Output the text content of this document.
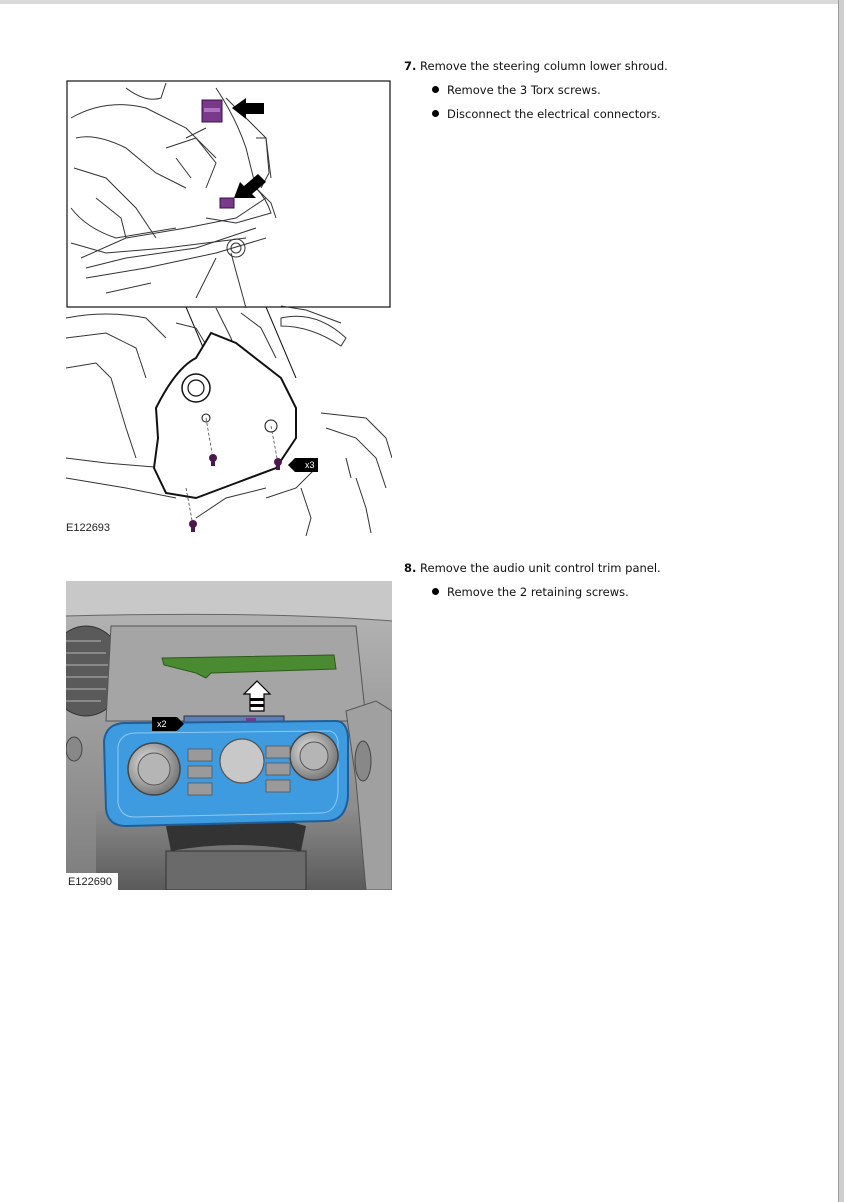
7. Remove the steering column lower shroud.
Remove the 3 Torx screws.
Disconnect the electrical connectors.
x3
E122693
8. Remove the audio unit control trim panel.
Remove the 2 retaining screws.
x2
E122690
